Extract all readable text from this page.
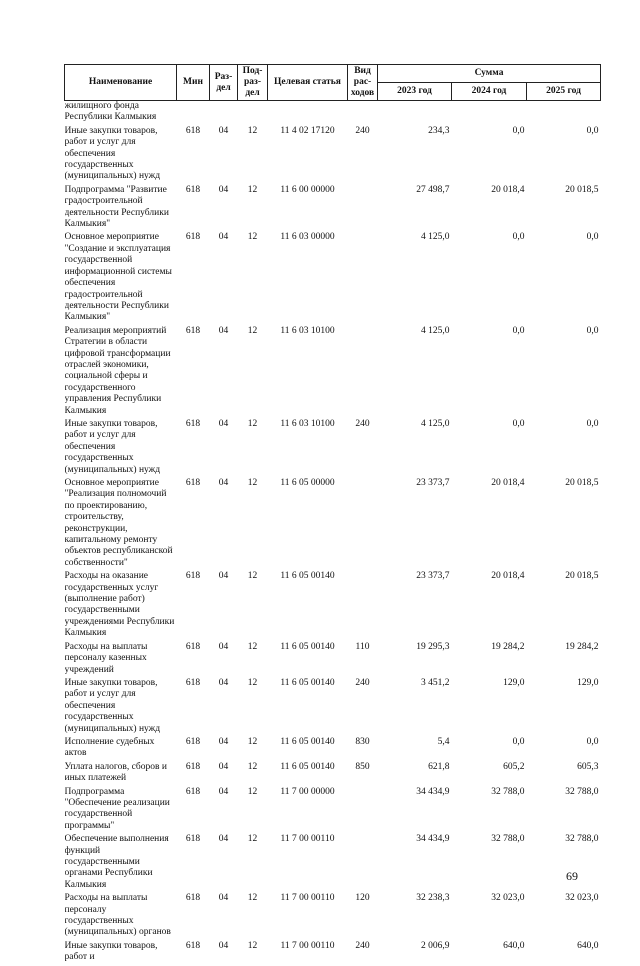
Наименование	Мин	Раз-дел	Под-раз-дел	Целевая статья	Вид рас-ходов	Сумма		
						2023 год	2024 год	2025 год
жилищного фонда Республики Калмыкия								
Иные закупки товаров, работ и услуг для обеспечения государственных (муниципальных) нужд	618	04	12	11 4 02 17120	240	234,3	0,0	0,0
Подпрограмма "Развитие градостроительной деятельности Республики Калмыкия"	618	04	12	11 6 00 00000		27 498,7	20 018,4	20 018,5
Основное мероприятие "Создание и эксплуатация государственной информационной системы обеспечения градостроительной деятельности Республики Калмыкия"	618	04	12	11 6 03 00000		4 125,0	0,0	0,0
Реализация мероприятий Стратегии в области цифровой трансформации отраслей экономики, социальной сферы и государственного управления Республики Калмыкия	618	04	12	11 6 03 10100		4 125,0	0,0	0,0
Иные закупки товаров, работ и услуг для обеспечения государственных (муниципальных) нужд	618	04	12	11 6 03 10100	240	4 125,0	0,0	0,0
Основное мероприятие "Реализация полномочий по проектированию, строительству, реконструкции, капитальному ремонту объектов республиканской собственности"	618	04	12	11 6 05 00000		23 373,7	20 018,4	20 018,5
Расходы на оказание государственных услуг (выполнение работ) государственными учреждениями Республики Калмыкия	618	04	12	11 6 05 00140		23 373,7	20 018,4	20 018,5
Расходы на выплаты персоналу казенных учреждений	618	04	12	11 6 05 00140	110	19 295,3	19 284,2	19 284,2
Иные закупки товаров, работ и услуг для обеспечения государственных (муниципальных) нужд	618	04	12	11 6 05 00140	240	3 451,2	129,0	129,0
Исполнение судебных актов	618	04	12	11 6 05 00140	830	5,4	0,0	0,0
Уплата налогов, сборов и иных платежей	618	04	12	11 6 05 00140	850	621,8	605,2	605,3
Подпрограмма "Обеспечение реализации государственной программы"	618	04	12	11 7 00 00000		34 434,9	32 788,0	32 788,0
Обеспечение выполнения функций государственными органами Республики Калмыкия	618	04	12	11 7 00 00110		34 434,9	32 788,0	32 788,0
Расходы на выплаты персоналу государственных (муниципальных) органов	618	04	12	11 7 00 00110	120	32 238,3	32 023,0	32 023,0
Иные закупки товаров, работ и	618	04	12	11 7 00 00110	240	2 006,9	640,0	640,0
69
